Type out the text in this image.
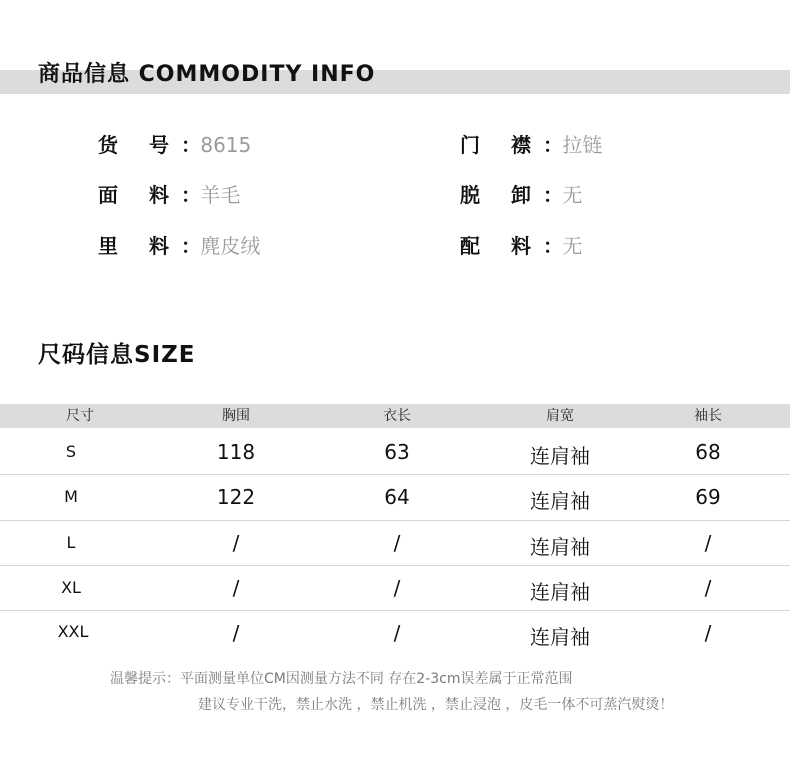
商品信息 COMMODITY INFO
货 号： 8615
面 料： 羊毛
里 料： 麂皮绒
门 襟： 拉链
脱 卸： 无
配 料： 无
尺码信息SIZE
尺寸	胸围	衣长	肩宽	袖长
S	118	63	连肩袖	68
M	122	64	连肩袖	69
L	/	/	连肩袖	/
XL	/	/	连肩袖	/
XXL	/	/	连肩袖	/
温馨提示：平面测量单位CM因测量方法不同 存在2-3cm误差属于正常范围
建议专业干洗，禁止水洗 ，禁止机洗 ，禁止浸泡 ，皮毛一体不可蒸汽熨烫！
